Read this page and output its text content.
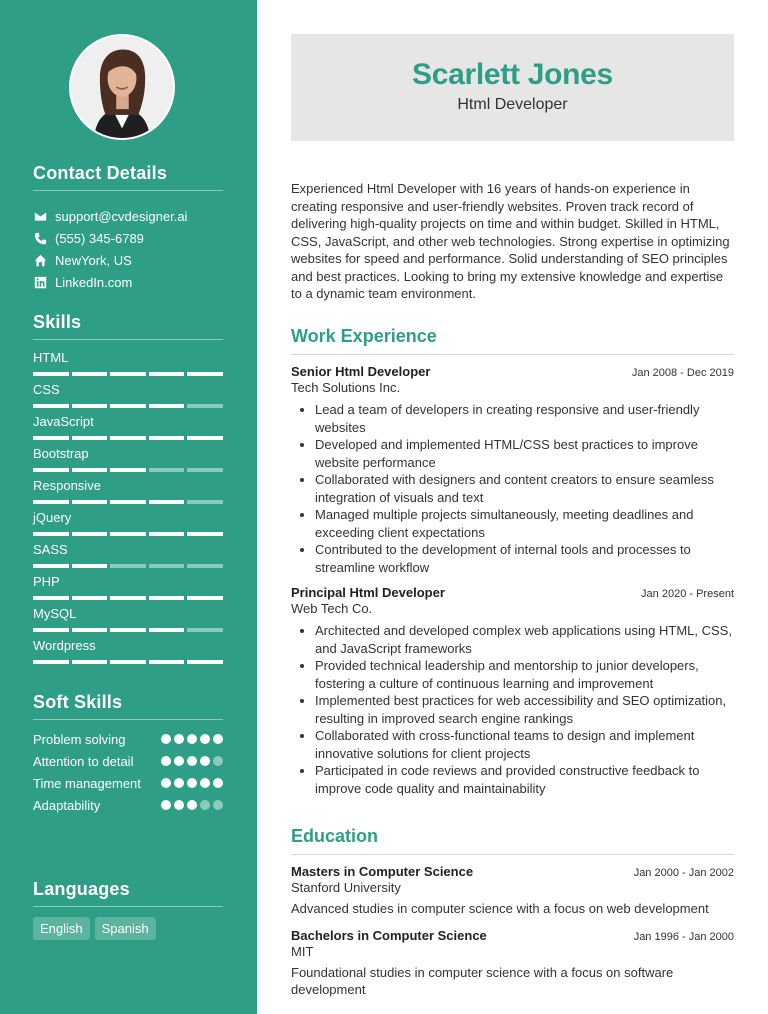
Contact Details
support@cvdesigner.ai
(555) 345-6789
NewYork, US
LinkedIn.com
Skills
HTML
CSS
JavaScript
Bootstrap
Responsive
jQuery
SASS
PHP
MySQL
Wordpress
Soft Skills
Problem solving
Attention to detail
Time management
Adaptability
Languages
English	Spanish
Scarlett Jones
Html Developer

Experienced Html Developer with 16 years of hands-on experience in creating responsive and user-friendly websites. Proven track record of delivering high-quality projects on time and within budget. Skilled in HTML, CSS, JavaScript, and other web technologies. Strong expertise in optimizing websites for speed and performance. Solid understanding of SEO principles and best practices. Looking to bring my extensive knowledge and expertise to a dynamic team environment.

Work Experience
Senior Html Developer	Jan 2008 - Dec 2019
Tech Solutions Inc.
• Lead a team of developers in creating responsive and user-friendly websites
• Developed and implemented HTML/CSS best practices to improve website performance
• Collaborated with designers and content creators to ensure seamless integration of visuals and text
• Managed multiple projects simultaneously, meeting deadlines and exceeding client expectations
• Contributed to the development of internal tools and processes to streamline workflow
Principal Html Developer	Jan 2020 - Present
Web Tech Co.
• Architected and developed complex web applications using HTML, CSS, and JavaScript frameworks
• Provided technical leadership and mentorship to junior developers, fostering a culture of continuous learning and improvement
• Implemented best practices for web accessibility and SEO optimization, resulting in improved search engine rankings
• Collaborated with cross-functional teams to design and implement innovative solutions for client projects
• Participated in code reviews and provided constructive feedback to improve code quality and maintainability
Education
Masters in Computer Science	Jan 2000 - Jan 2002
Stanford University
Advanced studies in computer science with a focus on web development
Bachelors in Computer Science	Jan 1996 - Jan 2000
MIT
Foundational studies in computer science with a focus on software development
